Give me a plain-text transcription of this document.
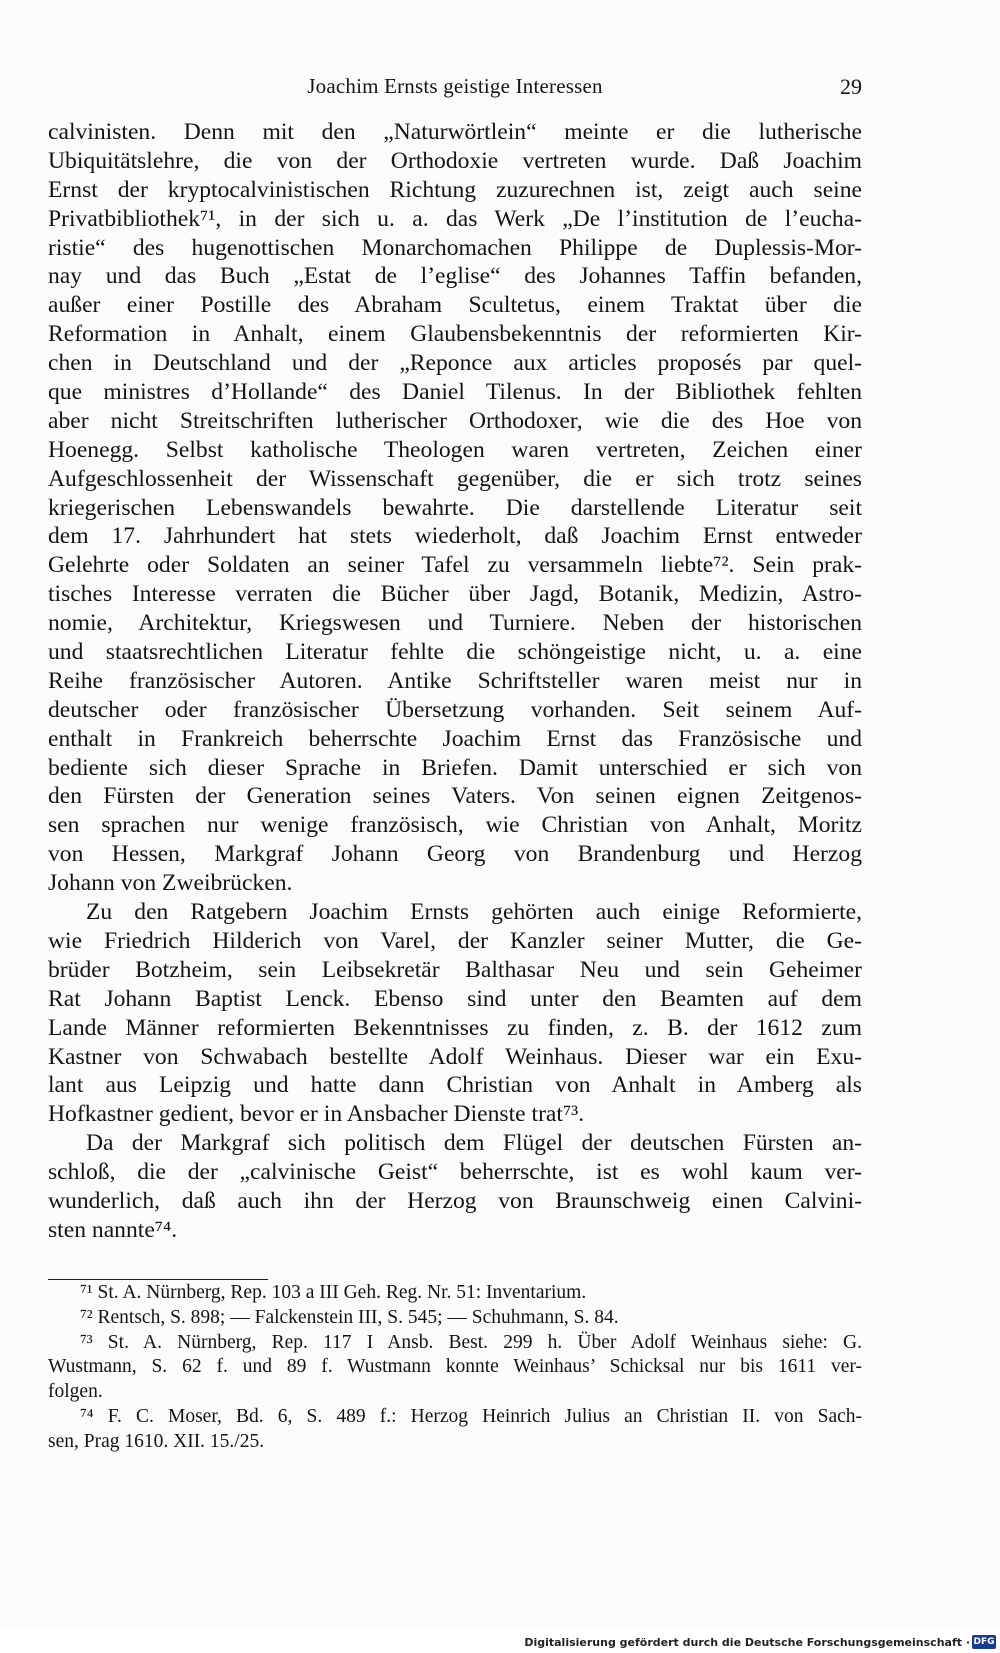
Joachim Ernsts geistige Interessen	29
calvinisten. Denn mit den „Naturwörtlein“ meinte er die lutherische
Ubiquitätslehre, die von der Orthodoxie vertreten wurde. Daß Joachim
Ernst der kryptocalvinistischen Richtung zuzurechnen ist, zeigt auch seine
Privatbibliothek⁷¹, in der sich u. a. das Werk „De l’institution de l’eucha-
ristie“ des hugenottischen Monarchomachen Philippe de Duplessis-Mor-
nay und das Buch „Estat de l’eglise“ des Johannes Taffin befanden,
außer einer Postille des Abraham Scultetus, einem Traktat über die
Reformation in Anhalt, einem Glaubensbekenntnis der reformierten Kir-
chen in Deutschland und der „Reponce aux articles proposés par quel-
que ministres d’Hollande“ des Daniel Tilenus. In der Bibliothek fehlten
aber nicht Streitschriften lutherischer Orthodoxer, wie die des Hoe von
Hoenegg. Selbst katholische Theologen waren vertreten, Zeichen einer
Aufgeschlossenheit der Wissenschaft gegenüber, die er sich trotz seines
kriegerischen Lebenswandels bewahrte. Die darstellende Literatur seit
dem 17. Jahrhundert hat stets wiederholt, daß Joachim Ernst entweder
Gelehrte oder Soldaten an seiner Tafel zu versammeln liebte⁷². Sein prak-
tisches Interesse verraten die Bücher über Jagd, Botanik, Medizin, Astro-
nomie, Architektur, Kriegswesen und Turniere. Neben der historischen
und staatsrechtlichen Literatur fehlte die schöngeistige nicht, u. a. eine
Reihe französischer Autoren. Antike Schriftsteller waren meist nur in
deutscher oder französischer Übersetzung vorhanden. Seit seinem Auf-
enthalt in Frankreich beherrschte Joachim Ernst das Französische und
bediente sich dieser Sprache in Briefen. Damit unterschied er sich von
den Fürsten der Generation seines Vaters. Von seinen eignen Zeitgenos-
sen sprachen nur wenige französisch, wie Christian von Anhalt, Moritz
von Hessen, Markgraf Johann Georg von Brandenburg und Herzog
Johann von Zweibrücken.
Zu den Ratgebern Joachim Ernsts gehörten auch einige Reformierte,
wie Friedrich Hilderich von Varel, der Kanzler seiner Mutter, die Ge-
brüder Botzheim, sein Leibsekretär Balthasar Neu und sein Geheimer
Rat Johann Baptist Lenck. Ebenso sind unter den Beamten auf dem
Lande Männer reformierten Bekenntnisses zu finden, z. B. der 1612 zum
Kastner von Schwabach bestellte Adolf Weinhaus. Dieser war ein Exu-
lant aus Leipzig und hatte dann Christian von Anhalt in Amberg als
Hofkastner gedient, bevor er in Ansbacher Dienste trat⁷³.
Da der Markgraf sich politisch dem Flügel der deutschen Fürsten an-
schloß, die der „calvinische Geist“ beherrschte, ist es wohl kaum ver-
wunderlich, daß auch ihn der Herzog von Braunschweig einen Calvini-
sten nannte⁷⁴.
⁷¹ St. A. Nürnberg, Rep. 103 a III Geh. Reg. Nr. 51: Inventarium.
⁷² Rentsch, S. 898; — Falckenstein III, S. 545; — Schuhmann, S. 84.
⁷³ St. A. Nürnberg, Rep. 117 I Ansb. Best. 299 h. Über Adolf Weinhaus siehe: G.
Wustmann, S. 62 f. und 89 f. Wustmann konnte Weinhaus’ Schicksal nur bis 1611 ver-
folgen.
⁷⁴ F. C. Moser, Bd. 6, S. 489 f.: Herzog Heinrich Julius an Christian II. von Sach-
sen, Prag 1610. XII. 15./25.
Digitalisierung gefördert durch die Deutsche Forschungsgemeinschaft · DFG
